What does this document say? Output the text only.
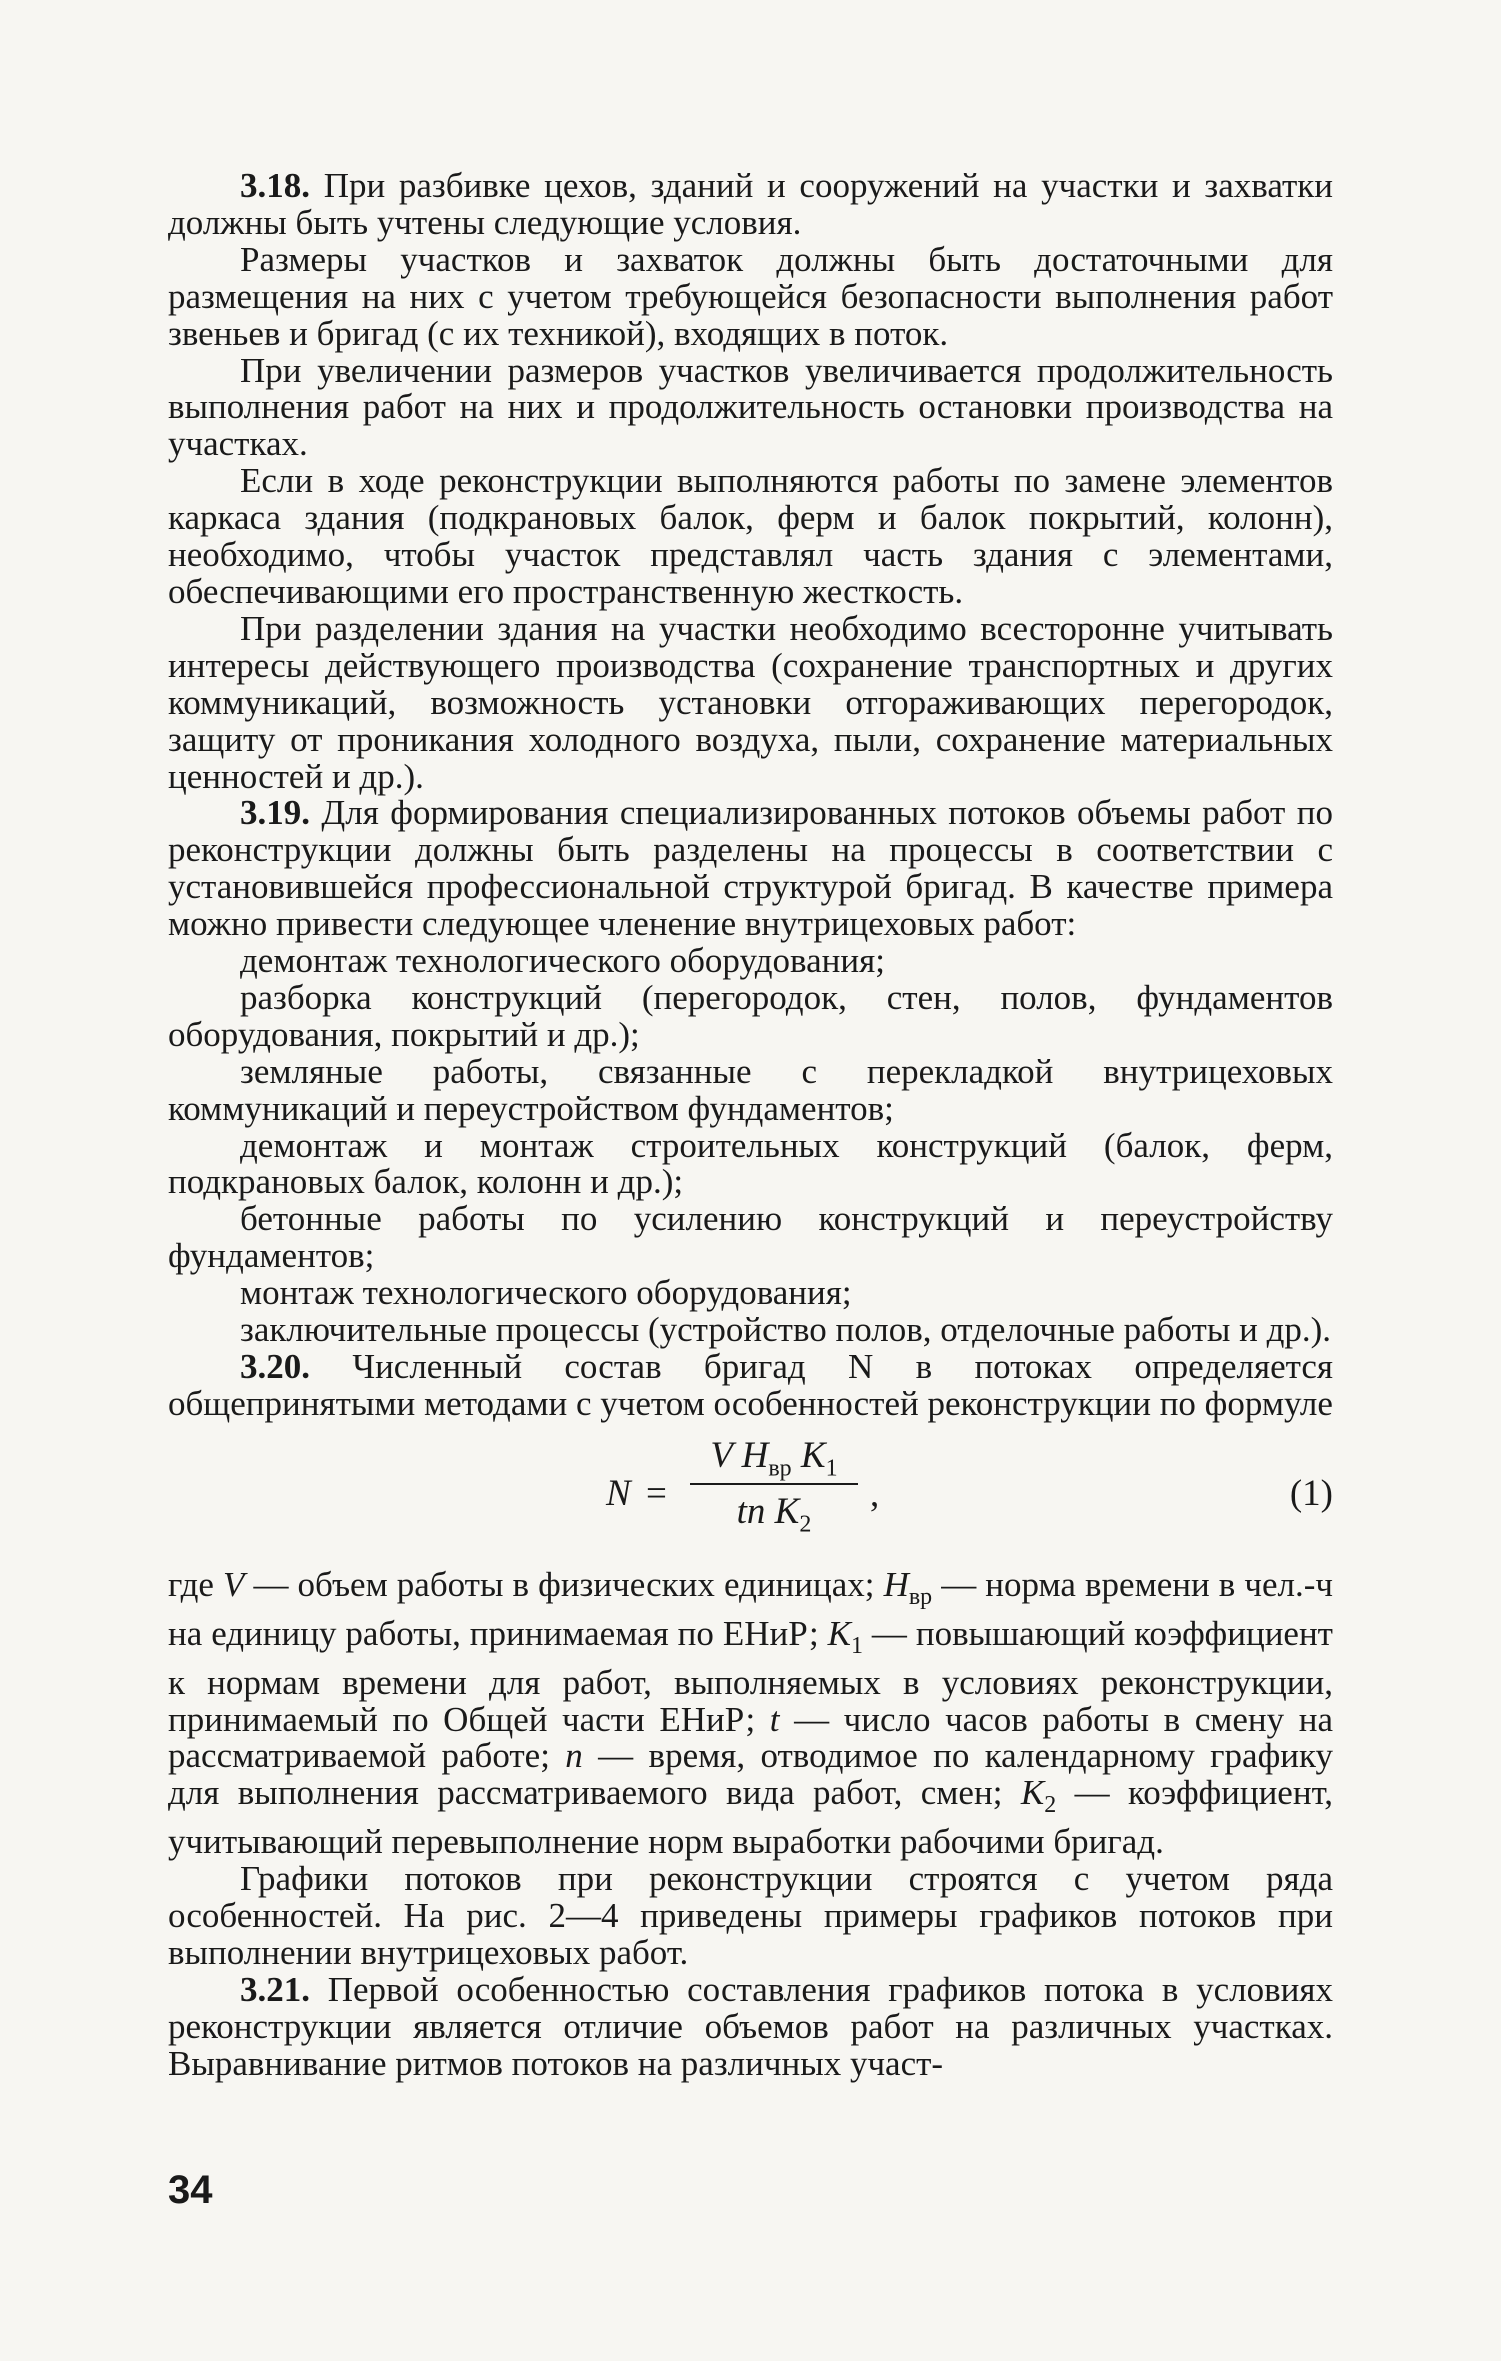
3.18. При разбивке цехов, зданий и сооружений на участки и захватки должны быть учтены следующие условия.

Размеры участков и захваток должны быть достаточными для размещения на них с учетом требующейся безопасности выполнения работ звеньев и бригад (с их техникой), входящих в поток.

При увеличении размеров участков увеличивается продолжительность выполнения работ на них и продолжительность остановки производства на участках.

Если в ходе реконструкции выполняются работы по замене элементов каркаса здания (подкрановых балок, ферм и балок покрытий, колонн), необходимо, чтобы участок представлял часть здания с элементами, обеспечивающими его пространственную жесткость.

При разделении здания на участки необходимо всесторонне учитывать интересы действующего производства (сохранение транспортных и других коммуникаций, возможность установки отгораживающих перегородок, защиту от проникания холодного воздуха, пыли, сохранение материальных ценностей и др.).

3.19. Для формирования специализированных потоков объемы работ по реконструкции должны быть разделены на процессы в соответствии с установившейся профессиональной структурой бригад. В качестве примера можно привести следующее членение внутрицеховых работ:

демонтаж технологического оборудования;

разборка конструкций (перегородок, стен, полов, фундаментов оборудования, покрытий и др.);

земляные работы, связанные с перекладкой внутрицеховых коммуникаций и переустройством фундаментов;

демонтаж и монтаж строительных конструкций (балок, ферм, подкрановых балок, колонн и др.);

бетонные работы по усилению конструкций и переустройству фундаментов;

монтаж технологического оборудования;

заключительные процессы (устройство полов, отделочные работы и др.).

3.20. Численный состав бригад N в потоках определяется общепринятыми методами с учетом особенностей реконструкции по формуле

N =
V $H_{вр}$ $K_1$
tn $K_2$
,	(1)

где V — объем работы в физических единицах; $H_{вр}$ — норма времени в чел.-ч на единицу работы, принимаемая по ЕНиР; $K_1$ — повышающий коэффициент к нормам времени для работ, выполняемых в условиях реконструкции, принимаемый по Общей части ЕНиР; t — число часов работы в смену на рассматриваемой работе; n — время, отводимое по календарному графику для выполнения рассматриваемого вида работ, смен; $K_2$ — коэффициент, учитывающий перевыполнение норм выработки рабочими бригад.

Графики потоков при реконструкции строятся с учетом ряда особенностей. На рис. 2—4 приведены примеры графиков потоков при выполнении внутрицеховых работ.

3.21. Первой особенностью составления графиков потока в условиях реконструкции является отличие объемов работ на различных участках. Выравнивание ритмов потоков на различных участ-

34
